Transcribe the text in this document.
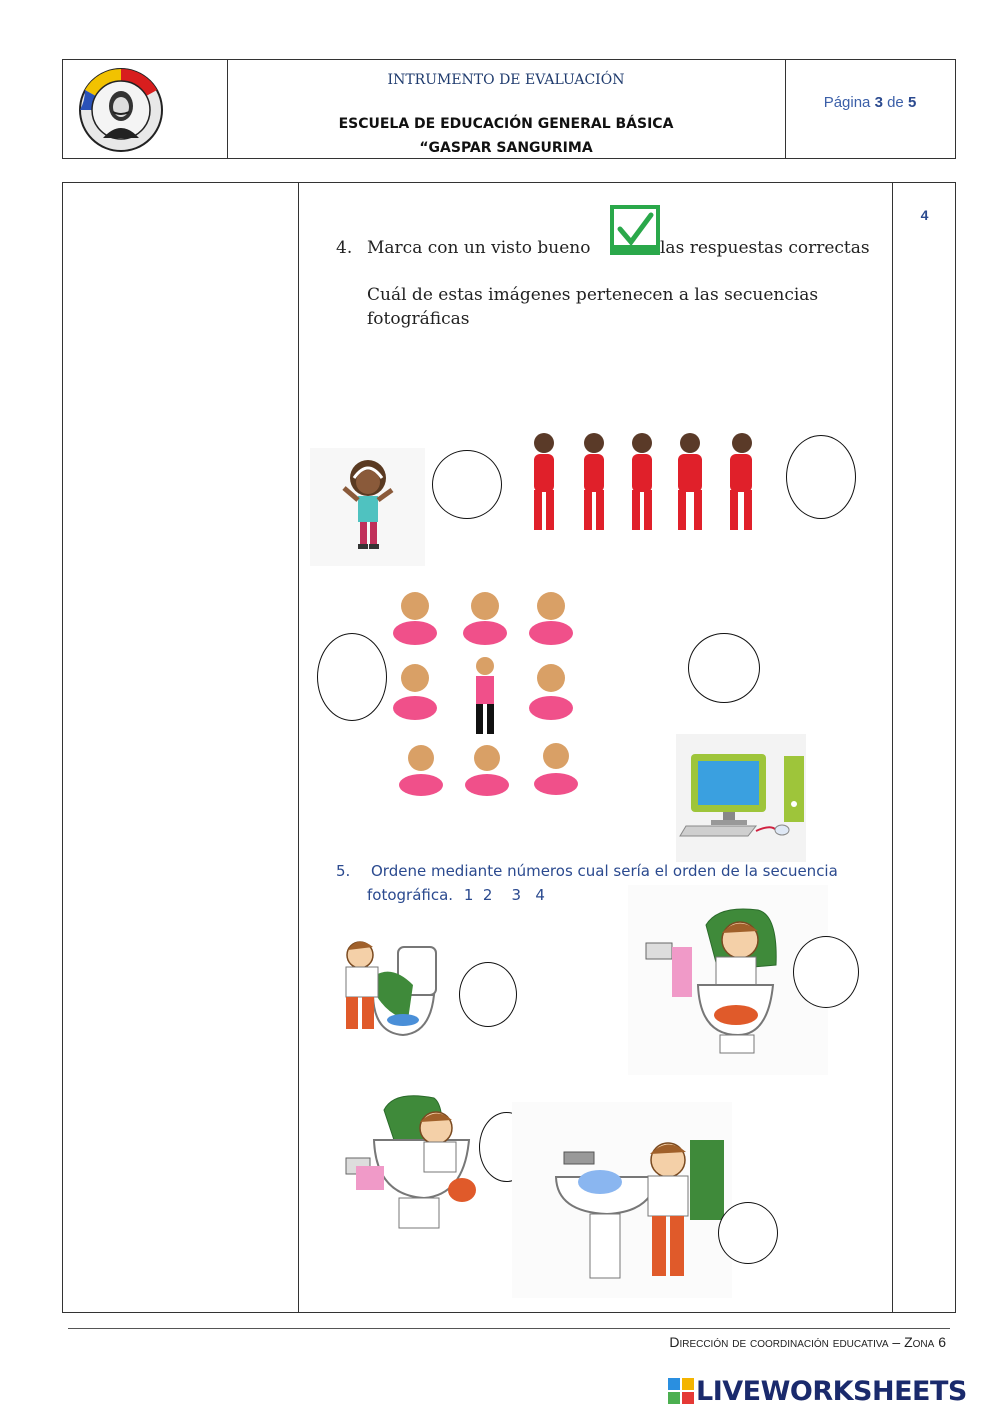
INTRUMENTO DE EVALUACIÓN
ESCUELA DE EDUCACIÓN GENERAL BÁSICA
“GASPAR SANGURIMA
Página 3 de 5
4
4. Marca con un visto bueno	las respuestas correctas
Cuál de estas imágenes pertenecen a las secuencias
fotográficas
5. Ordene mediante números cual sería el orden de la secuencia
fotográfica. 1  2    3   4
Dirección de coordinación educativa – Zona 6
LIVEWORKSHEETS
